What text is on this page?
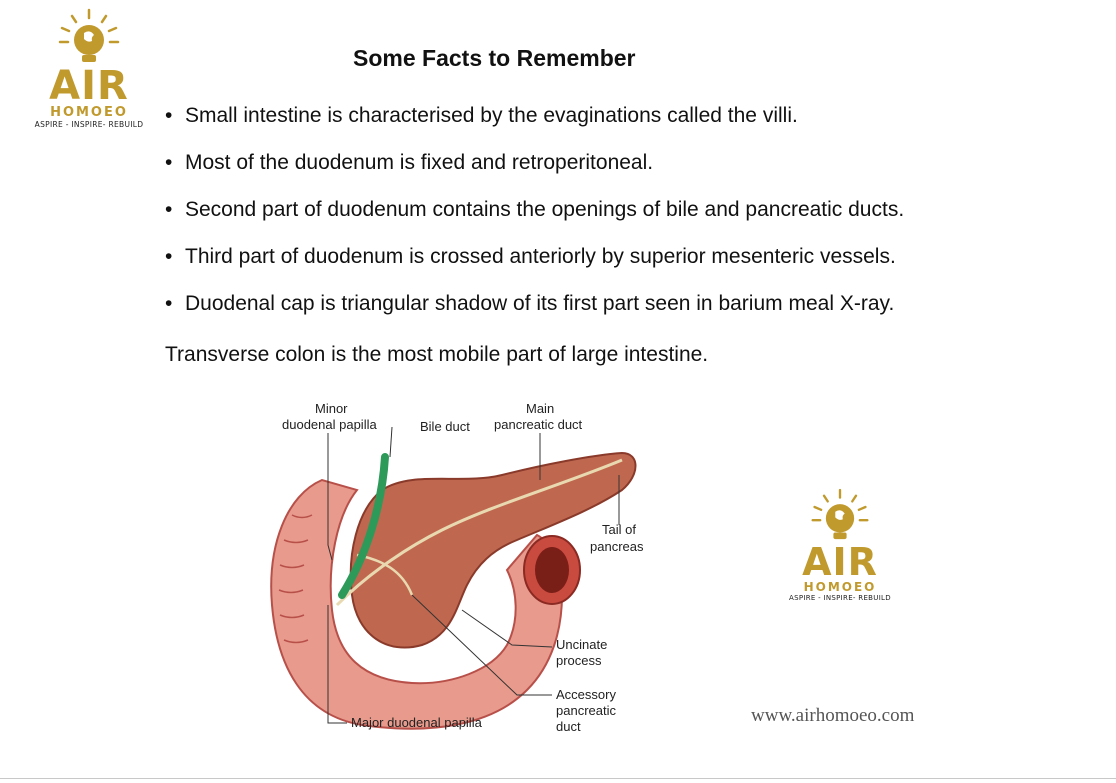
AIR
HOMOEO
ASPIRE - INSPIRE- REBUILD
Some Facts to Remember
• Small intestine is characterised by the evaginations called the villi.
• Most of the duodenum is fixed and retroperitoneal.
• Second part of duodenum contains the openings of bile and pancreatic ducts.
• Third part of duodenum is crossed anteriorly by superior mesenteric vessels.
• Duodenal cap is triangular shadow of its first part seen in barium meal X-ray.
Transverse colon is the most mobile part of large intestine.
Minor
duodenal papilla	Bile duct
Main
pancreatic duct
Tail of
pancreas
Uncinate
process
Accessory
pancreatic
duct
Major duodenal papilla
AIR
HOMOEO
ASPIRE - INSPIRE- REBUILD
www.airhomoeo.com
